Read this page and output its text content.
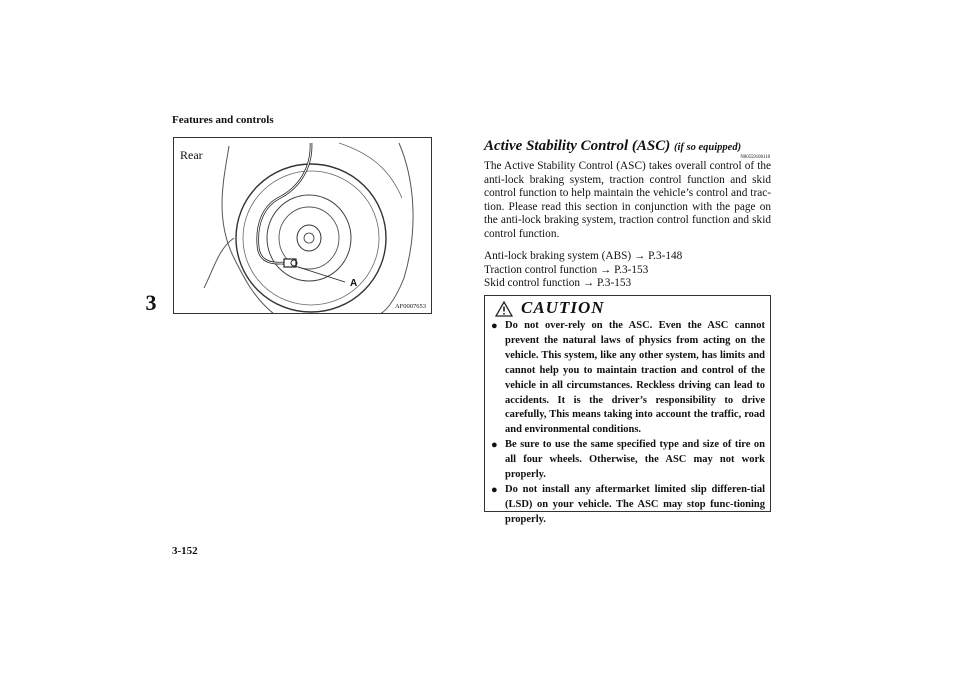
Features and controls
3
Rear
A
AF0007653
Active Stability Control (ASC) (if so equipped)
N00559100118
The Active Stability Control (ASC) takes overall control of the anti-lock braking system, traction control function and skid control function to help maintain the vehicle’s control and trac-tion. Please read this section in conjunction with the page on the anti-lock braking system, traction control function and skid control function.
Anti-lock braking system (ABS) → P.3-148
Traction control function → P.3-153
Skid control function → P.3-153
CAUTION
● Do not over-rely on the ASC. Even the ASC cannot prevent the natural laws of physics from acting on the vehicle. This system, like any other system, has limits and cannot help you to maintain traction and control of the vehicle in all circumstances. Reckless driving can lead to accidents. It is the driver’s responsibility to drive carefully, This means taking into account the traffic, road and environmental conditions.
● Be sure to use the same specified type and size of tire on all four wheels. Otherwise, the ASC may not work properly.
● Do not install any aftermarket limited slip differen-tial (LSD) on your vehicle. The ASC may stop func-tioning properly.
3-152
